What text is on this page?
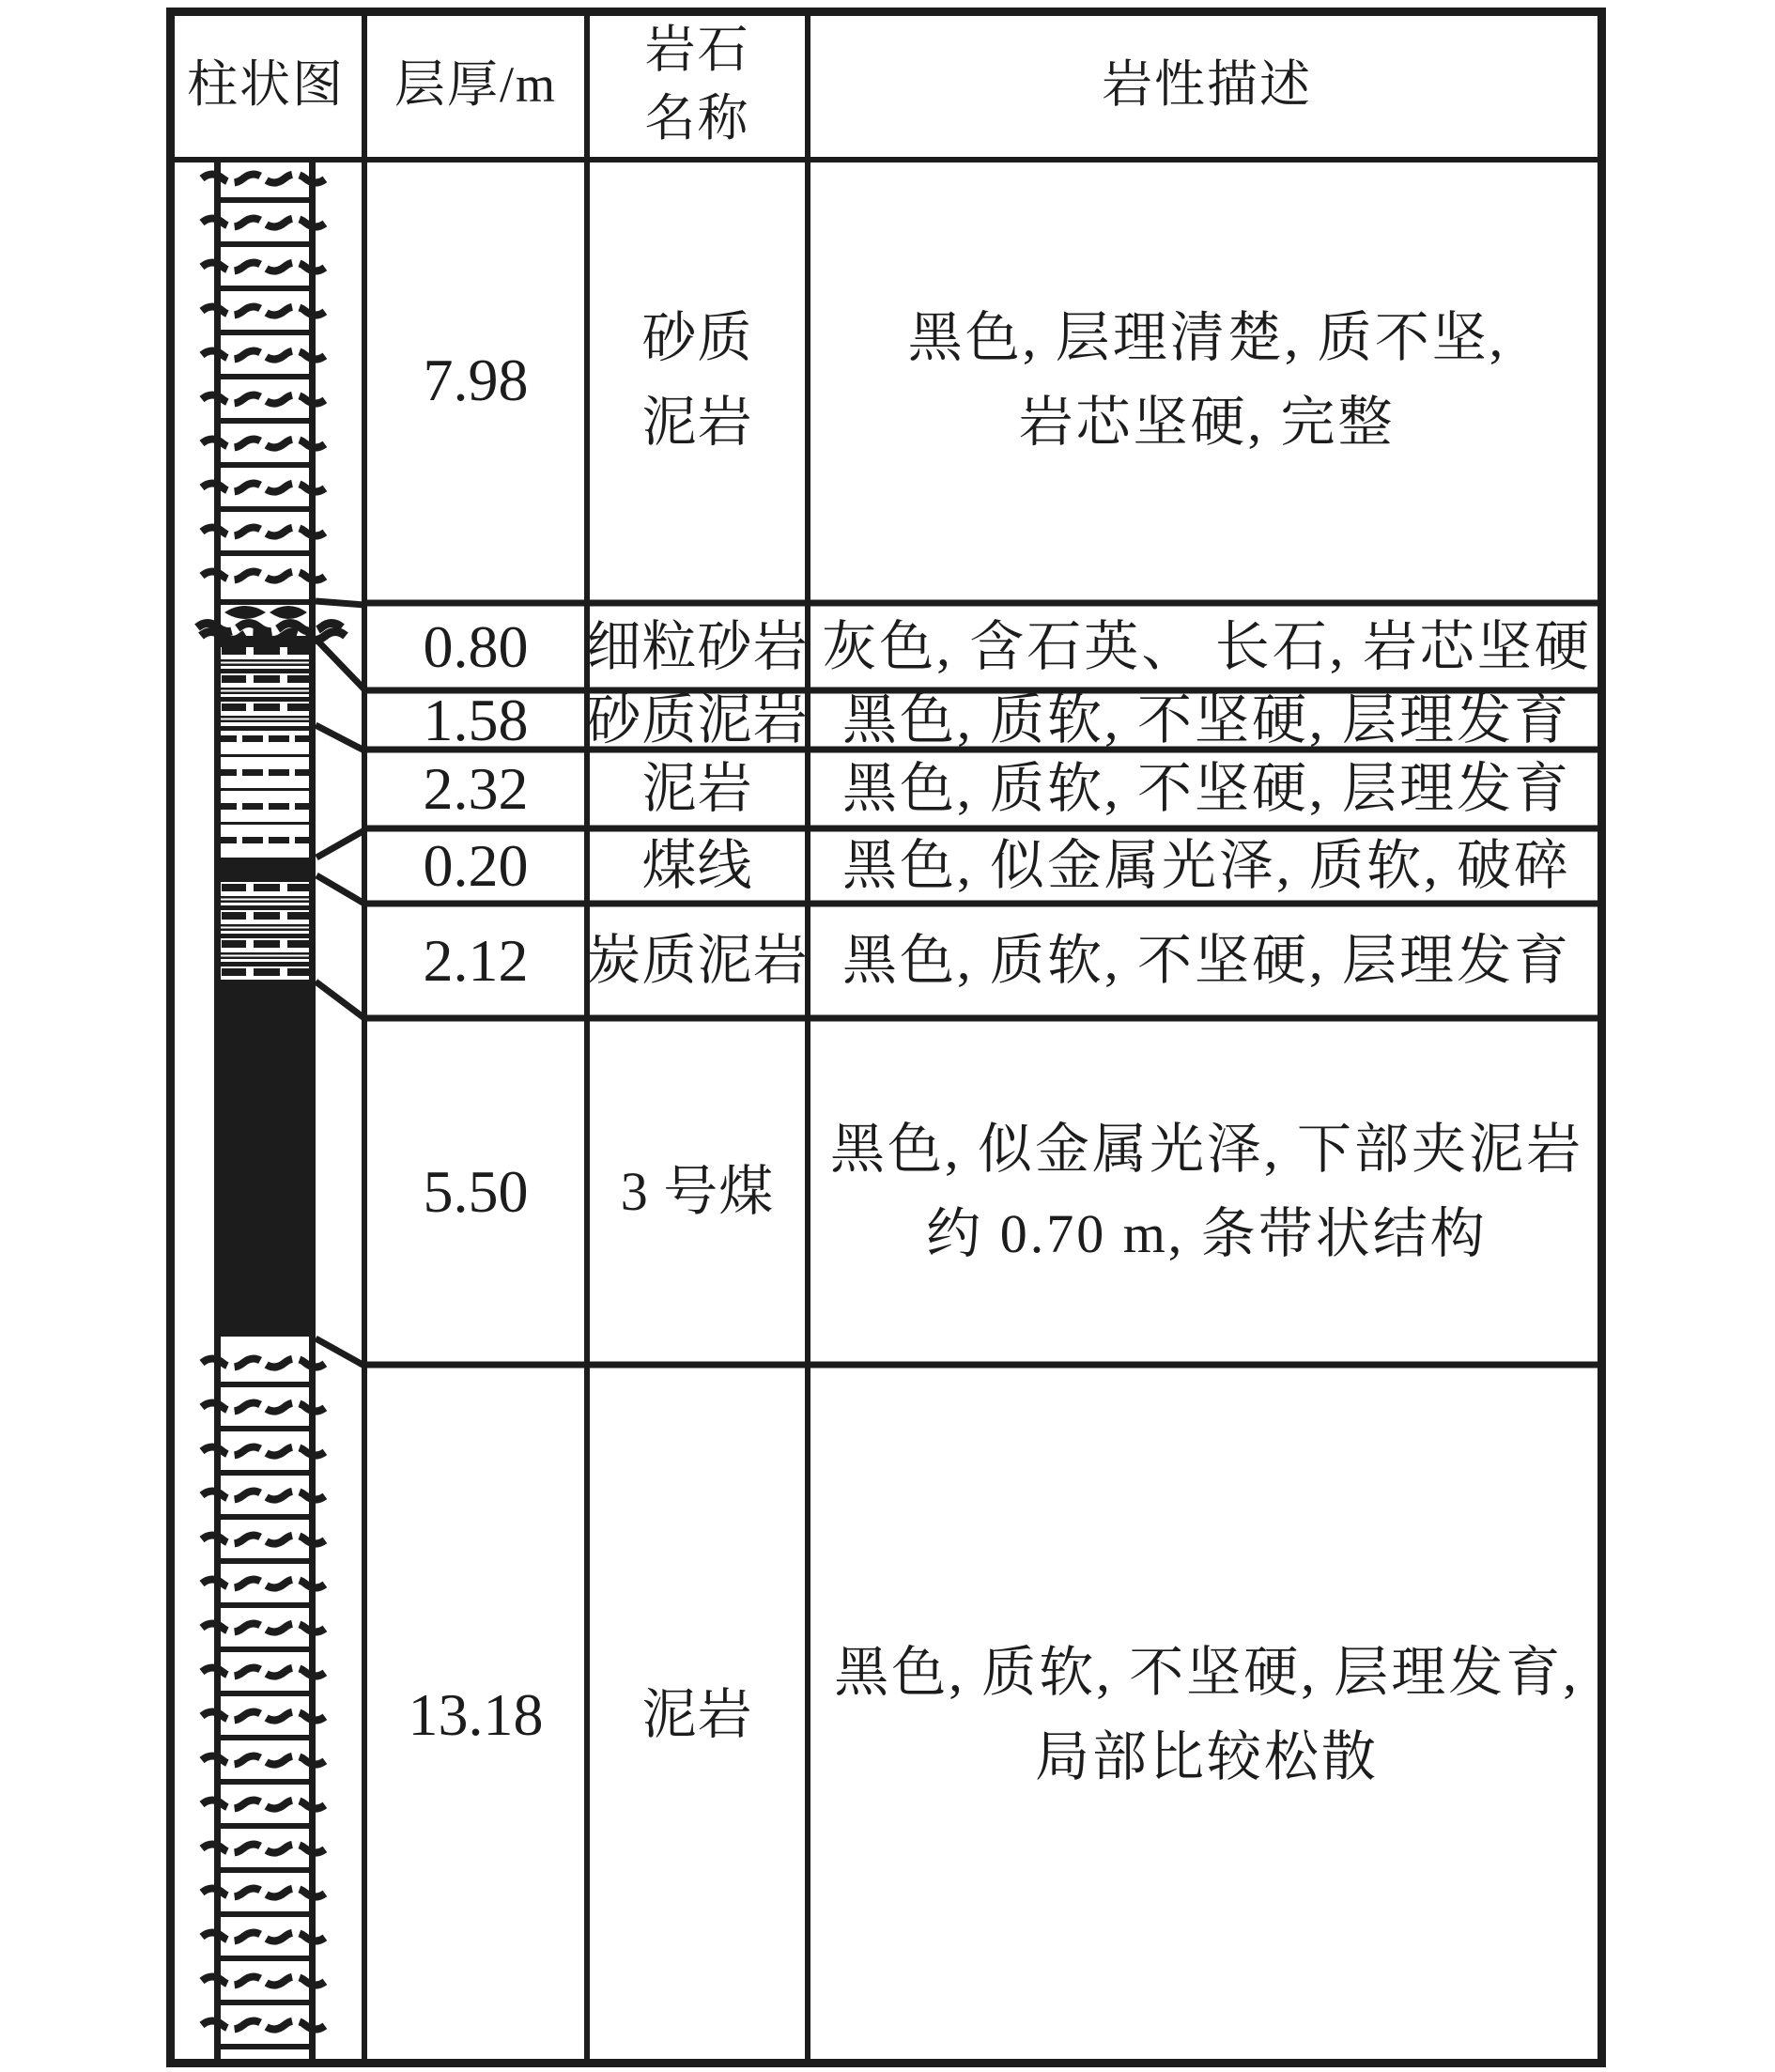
柱状图 层厚/m
岩石
名称
岩性描述
7.98
砂质
泥岩
黑色, 层理清楚, 质不坚,
岩芯坚硬, 完整
0.80 细粒砂岩 灰色, 含石英、 长石, 岩芯坚硬
1.58 砂质泥岩 黑色, 质软, 不坚硬, 层理发育
2.32 泥岩 黑色, 质软, 不坚硬, 层理发育
0.20 煤线 黑色, 似金属光泽, 质软, 破碎
2.12 炭质泥岩 黑色, 质软, 不坚硬, 层理发育
5.50 3 号煤
黑色, 似金属光泽, 下部夹泥岩
约 0.70 m, 条带状结构
13.18 泥岩
黑色, 质软, 不坚硬, 层理发育,
局部比较松散
